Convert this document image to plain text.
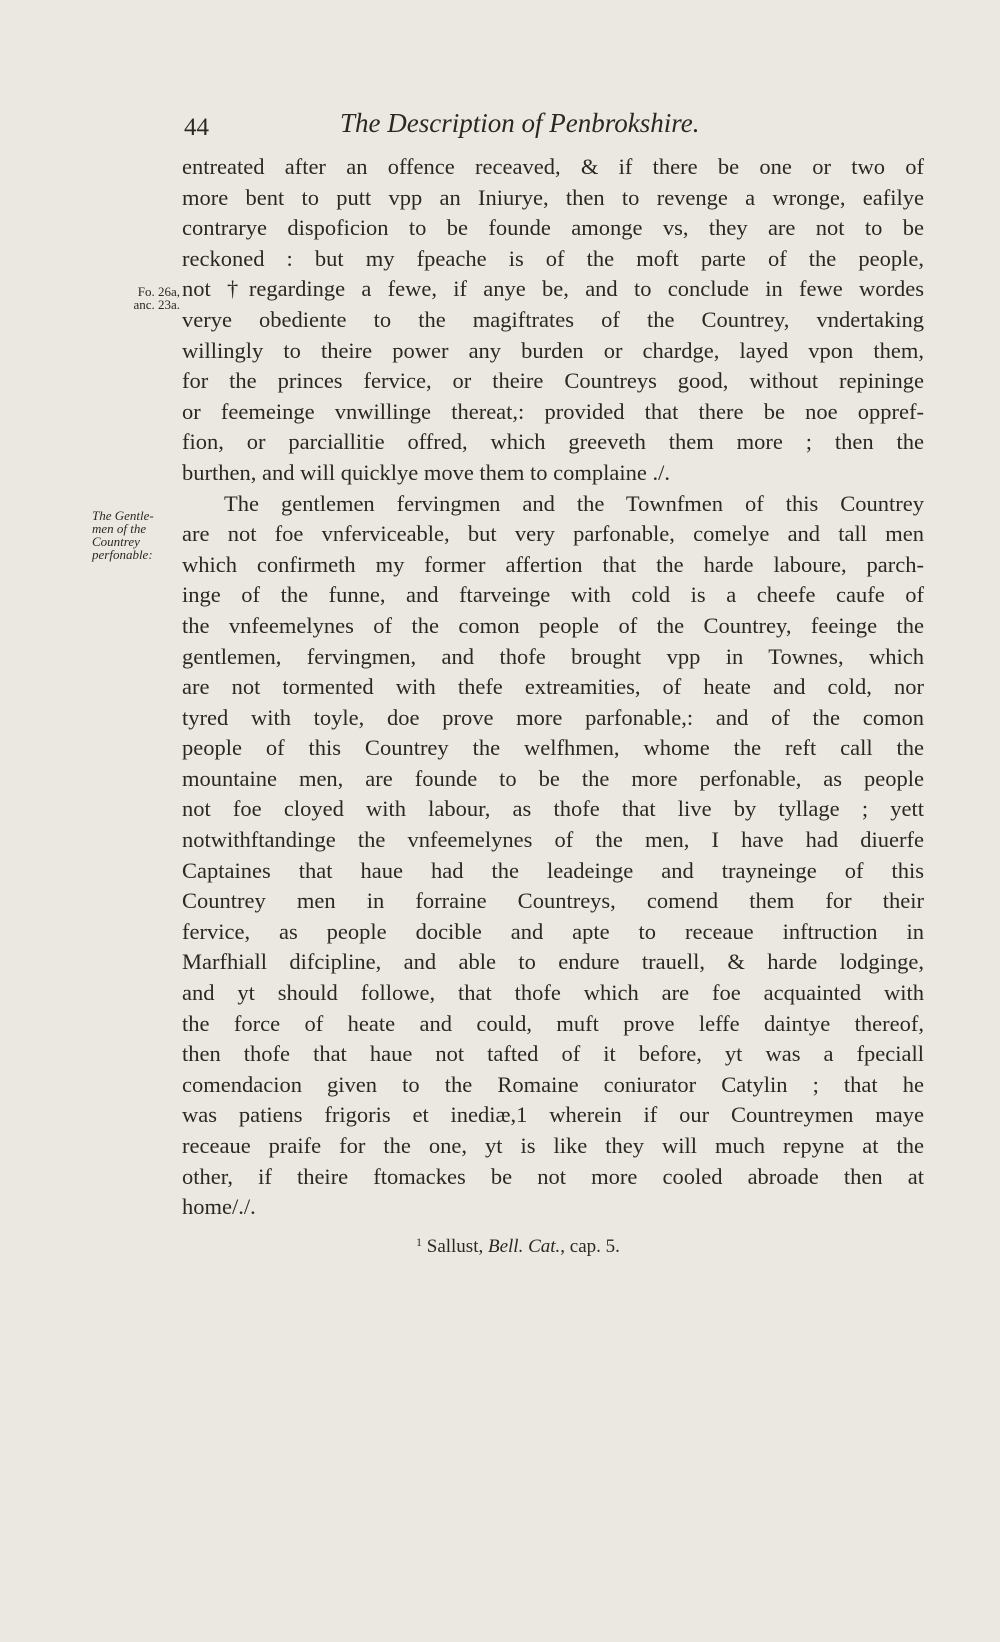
44	The Description of Penbrokshire.
Fo. 26a,
anc. 23a.
The Gentle-
men of the
Countrey
perfonable:
entreated after an offence receaved, & if there be one or two of
more bent to putt vpp an Iniurye, then to revenge a wronge, eafilye
contrarye dispoficion to be founde amonge vs, they are not to be
reckoned : but my fpeache is of the moft parte of the people,
not †regardinge a fewe, if anye be, and to conclude in fewe wordes
verye obediente to the magiftrates of the Countrey, vndertaking
willingly to theire power any burden or chardge, layed vpon them,
for the princes fervice, or theire Countreys good, without repininge
or feemeinge vnwillinge thereat,: provided that there be noe oppref-
fion, or parciallitie offred, which greeveth them more ; then the
burthen, and will quicklye move them to complaine ./.
The gentlemen fervingmen and the Townfmen of this Countrey
are not foe vnferviceable, but very parfonable, comelye and tall men
which confirmeth my former affertion that the harde laboure, parch-
inge of the funne, and ftarveinge with cold is a cheefe caufe of
the vnfeemelynes of the comon people of the Countrey, feeinge the
gentlemen, fervingmen, and thofe brought vpp in Townes, which
are not tormented with thefe extreamities, of heate and cold, nor
tyred with toyle, doe prove more parfonable,: and of the comon
people of this Countrey the welfhmen, whome the reft call the
mountaine men, are founde to be the more perfonable, as people
not foe cloyed with labour, as thofe that live by tyllage ; yett
notwithftandinge the vnfeemelynes of the men, I have had diuerfe
Captaines that haue had the leadeinge and trayneinge of this
Countrey men in forraine Countreys, comend them for their
fervice, as people docible and apte to receaue inftruction in
Marfhiall difcipline, and able to endure trauell, & harde lodginge,
and yt should followe, that thofe which are foe acquainted with
the force of heate and could, muft prove leffe daintye thereof,
then thofe that haue not tafted of it before, yt was a fpeciall
comendacion given to the Romaine coniurator Catylin ; that he
was patiens frigoris et inediæ,1 wherein if our Countreymen maye
receaue praife for the one, yt is like they will much repyne at the
other, if theire ftomackes be not more cooled abroade then at
home/./.
$^1$ Sallust, Bell. Cat., cap. 5.
